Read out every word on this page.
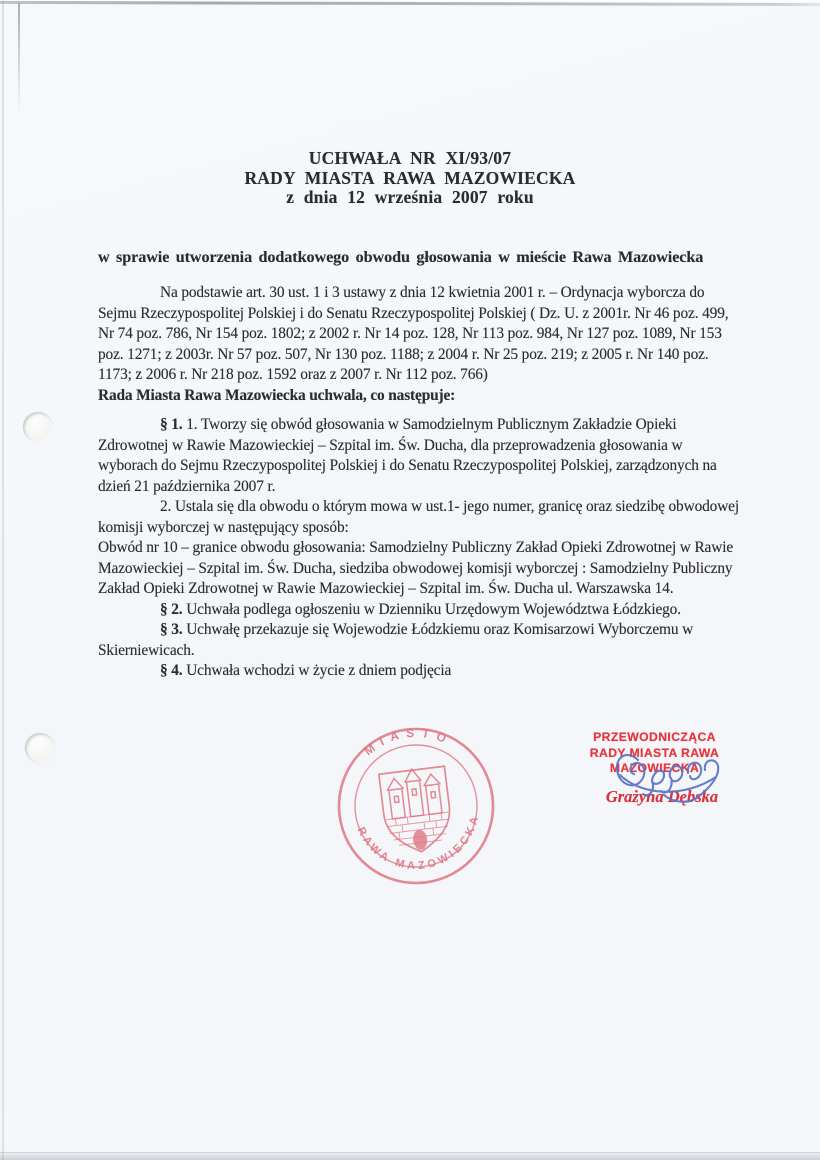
UCHWAŁA NR XI/93/07
RADY MIASTA RAWA MAZOWIECKA
z dnia 12 września 2007 roku
w sprawie utworzenia dodatkowego obwodu głosowania w mieście Rawa Mazowiecka

Na podstawie art. 30 ust. 1 i 3 ustawy z dnia 12 kwietnia 2001 r. – Ordynacja wyborcza do Sejmu Rzeczypospolitej Polskiej i do Senatu Rzeczypospolitej Polskiej ( Dz. U. z 2001r. Nr 46 poz. 499, Nr 74 poz. 786, Nr 154 poz. 1802; z 2002 r. Nr 14 poz. 128, Nr 113 poz. 984, Nr 127 poz. 1089, Nr 153 poz. 1271; z 2003r. Nr 57 poz. 507, Nr 130 poz. 1188; z 2004 r. Nr 25 poz. 219; z 2005 r. Nr 140 poz. 1173; z 2006 r. Nr 218 poz. 1592 oraz z 2007 r. Nr 112 poz. 766)

Rada Miasta Rawa Mazowiecka uchwala, co następuje:

§ 1. 1. Tworzy się obwód głosowania w Samodzielnym Publicznym Zakładzie Opieki Zdrowotnej w Rawie Mazowieckiej – Szpital im. Św. Ducha, dla przeprowadzenia głosowania w wyborach do Sejmu Rzeczypospolitej Polskiej i do Senatu Rzeczypospolitej Polskiej, zarządzonych na dzień 21 października 2007 r.

2. Ustala się dla obwodu o którym mowa w ust.1- jego numer, granicę oraz siedzibę obwodowej komisji wyborczej w następujący sposób:

Obwód nr 10 – granice obwodu głosowania: Samodzielny Publiczny Zakład Opieki Zdrowotnej w Rawie Mazowieckiej – Szpital im. Św. Ducha, siedziba obwodowej komisji wyborczej : Samodzielny Publiczny Zakład Opieki Zdrowotnej w Rawie Mazowieckiej – Szpital im. Św. Ducha ul. Warszawska 14.

§ 2. Uchwała podlega ogłoszeniu w Dzienniku Urzędowym Województwa Łódzkiego.

§ 3. Uchwałę przekazuje się Wojewodzie Łódzkiemu oraz Komisarzowi Wyborczemu w Skierniewicach.

§ 4. Uchwała wchodzi w życie z dniem podjęcia

MIASTO
RAWA MAZOWIECKA
PRZEWODNICZĄCA
RADY MIASTA RAWA MAZOWIECKA
Grażyna Dębska
